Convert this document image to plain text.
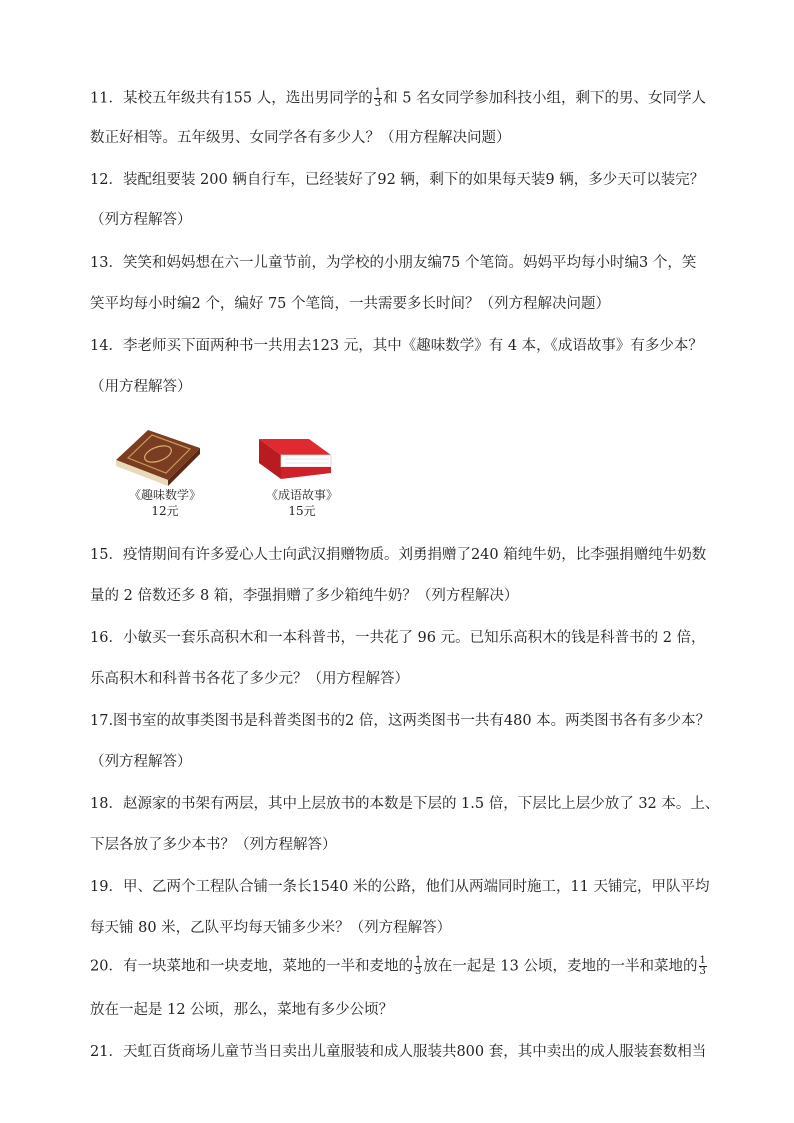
11．某校五年级共有155 人，选出男同学的 $\frac{1}{3}$ 和 5 名女同学参加科技小组，剩下的男、女同学人
数正好相等。五年级男、女同学各有多少人？（用方程解决问题）
12．装配组要装 200 辆自行车，已经装好了92 辆，剩下的如果每天装9 辆，多少天可以装完？
（列方程解答）
13．笑笑和妈妈想在六一儿童节前，为学校的小朋友编75 个笔筒。妈妈平均每小时编3 个，笑
笑平均每小时编2 个，编好 75 个笔筒，一共需要多长时间？（列方程解决问题）
14．李老师买下面两种书一共用去123 元，其中《趣味数学》有 4 本，《成语故事》有多少本？
（用方程解答）
《趣味数学》
12元
《成语故事》
15元
15．疫情期间有许多爱心人士向武汉捐赠物质。刘勇捐赠了240 箱纯牛奶，比李强捐赠纯牛奶数
量的 2 倍数还多 8 箱，李强捐赠了多少箱纯牛奶？（列方程解决）
16．小敏买一套乐高积木和一本科普书，一共花了 96 元。已知乐高积木的钱是科普书的 2 倍，
乐高积木和科普书各花了多少元？（用方程解答）
17.图书室的故事类图书是科普类图书的2 倍，这两类图书一共有480 本。两类图书各有多少本？
（列方程解答）
18．赵源家的书架有两层，其中上层放书的本数是下层的 1.5 倍，下层比上层少放了 32 本。上、
下层各放了多少本书？（列方程解答）
19．甲、乙两个工程队合铺一条长1540 米的公路，他们从两端同时施工，11 天铺完，甲队平均
每天铺 80 米，乙队平均每天铺多少米？（列方程解答）
20．有一块菜地和一块麦地，菜地的一半和麦地的 $\frac{1}{3}$ 放在一起是 13 公顷，麦地的一半和菜地的 $\frac{1}{3}$
放在一起是 12 公顷，那么，菜地有多少公顷？
21．天虹百货商场儿童节当日卖出儿童服装和成人服装共800 套，其中卖出的成人服装套数相当
